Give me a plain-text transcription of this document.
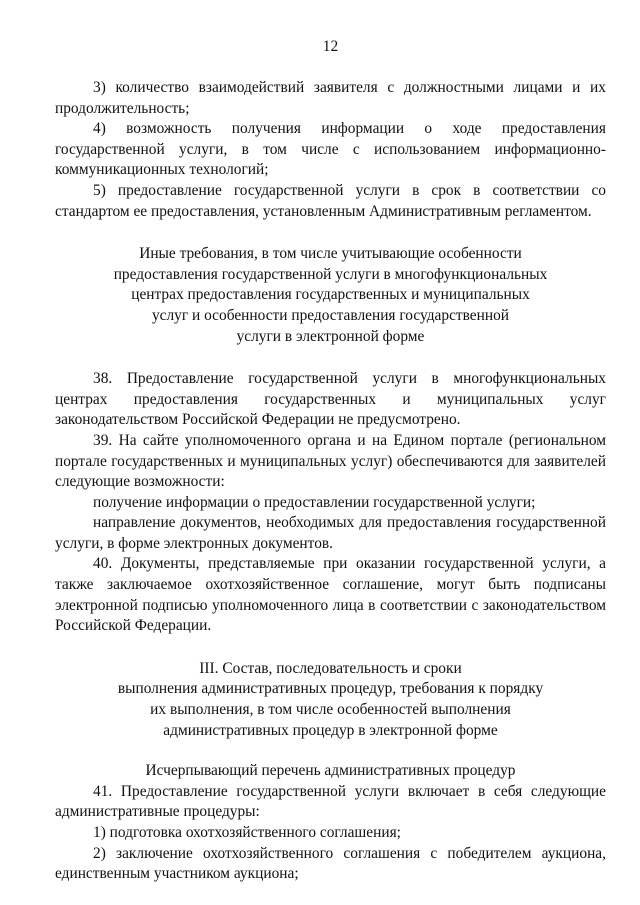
12

3) количество взаимодействий заявителя с должностными лицами и их продолжительность;

4) возможность получения информации о ходе предоставления государственной услуги, в том числе с использованием информационно-коммуникационных технологий;

5) предоставление государственной услуги в срок в соответствии со стандартом ее предоставления, установленным Административным регламентом.

Иные требования, в том числе учитывающие особенности
предоставления государственной услуги в многофункциональных
центрах предоставления государственных и муниципальных
услуг и особенности предоставления государственной
услуги в электронной форме

38. Предоставление государственной услуги в многофункциональных центрах предоставления государственных и муниципальных услуг законодательством Российской Федерации не предусмотрено.

39. На сайте уполномоченного органа и на Едином портале (региональном портале государственных и муниципальных услуг) обеспечиваются для заявителей следующие возможности:

получение информации о предоставлении государственной услуги;

направление документов, необходимых для предоставления государственной услуги, в форме электронных документов.

40. Документы, представляемые при оказании государственной услуги, а также заключаемое охотхозяйственное соглашение, могут быть подписаны электронной подписью уполномоченного лица в соответствии с законодательством Российской Федерации.

III. Состав, последовательность и сроки
выполнения административных процедур, требования к порядку
их выполнения, в том числе особенностей выполнения
административных процедур в электронной форме
Исчерпывающий перечень административных процедур

41. Предоставление государственной услуги включает в себя следующие административные процедуры:

1) подготовка охотхозяйственного соглашения;

2) заключение охотхозяйственного соглашения с победителем аукциона, единственным участником аукциона;
